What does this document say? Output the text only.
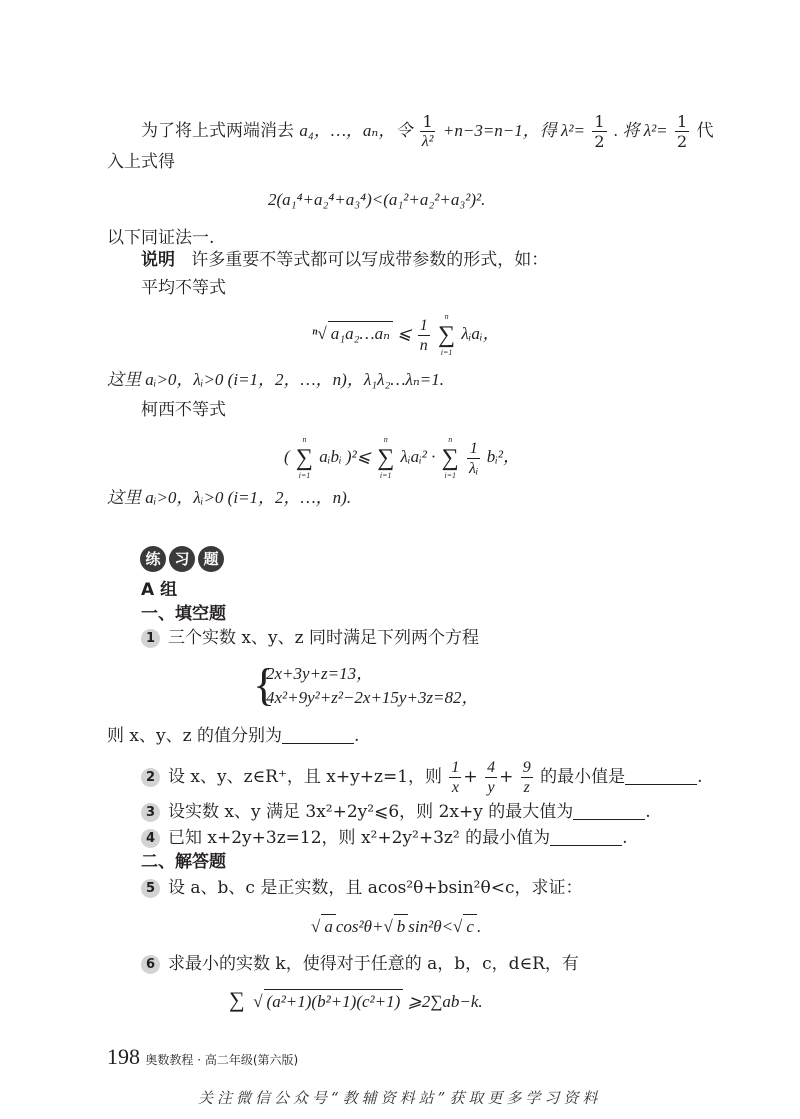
为了将上式两端消去 a₄，…，aₙ，令 $\frac{1}{\text{λ²}} +n-3=n-1$，得 $\lambda^2= \frac{1}{2}$ . 将 $\lambda^2= \frac{1}{2}$ 代
入上式得
2(a₁⁴+a₂⁴+a₃⁴)<(a₁²+a₂²+a₃²)².
以下同证法一.
说明 许多重要不等式都可以写成带参数的形式，如：
平均不等式
ⁿ√ a₁a₂…aₙ ⩽ $\frac{1}{n}$
	n
∑
i=1
λᵢaᵢ，
这里 aᵢ>0，λᵢ>0 (i=1，2，…，n)，λ₁λ₂…λₙ=1.
柯西不等式
(
n
∑
i=1
aᵢbᵢ )²⩽
n
∑
i=1
λᵢaᵢ² ·
n
∑
i=1
$\frac{1}{\text{λᵢ}}$ bᵢ²，
这里 aᵢ>0，λᵢ>0 (i=1，2，…，n).
练 习 题
A 组
一、填空题
1 三个实数 x、y、z 同时满足下列两个方程
{
2x+3y+z=13，
4x²+9y²+z²−2x+15y+3z=82，
则 x、y、z 的值分别为	.
2 设 x、y、z∈R⁺，且 x+y+z=1，则 $\frac{1}{x} + \frac{4}{y} + \frac{9}{z}$ 的最小值是	.
3 设实数 x、y 满足 3x²+2y²⩽6，则 2x+y 的最大值为	.
4 已知 x+2y+3z=12，则 x²+2y²+3z² 的最小值为	.
二、解答题
5 设 a、b、c 是正实数，且 acos²θ+bsin²θ<c，求证：
√ a cos²θ+√ b sin²θ<√ c .
6 求最小的实数 k，使得对于任意的 a，b，c，d∈R，有
∑ √ (a²+1)(b²+1)(c²+1) ⩾2∑ab−k.
198 奥数教程 · 高二年级(第六版)
关注微信公众号“教辅资料站”获取更多学习资料
